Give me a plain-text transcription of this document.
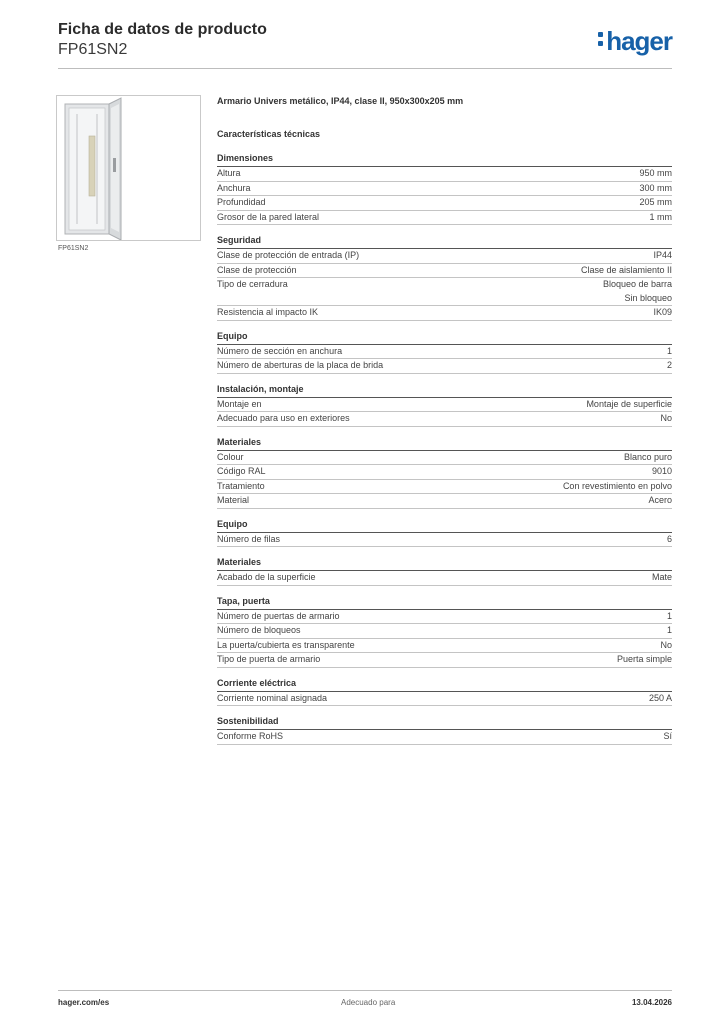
Ficha de datos de producto
FP61SN2	hager
FP61SN2
Armario Univers metálico, IP44, clase II, 950x300x205 mm
Características técnicas
Dimensiones
Altura	950 mm
Anchura	300 mm
Profundidad	205 mm
Grosor de la pared lateral	1 mm
Seguridad
Clase de protección de entrada (IP)	IP44
Clase de protección	Clase de aislamiento II
Tipo de cerradura	Bloqueo de barra
Sin bloqueo
Resistencia al impacto IK	IK09
Equipo
Número de sección en anchura	1
Número de aberturas de la placa de brida	2
Instalación, montaje
Montaje en	Montaje de superficie
Adecuado para uso en exteriores	No
Materiales
Colour	Blanco puro
Código RAL	9010
Tratamiento	Con revestimiento en polvo
Material	Acero
Equipo
Número de filas	6
Materiales
Acabado de la superficie	Mate
Tapa, puerta
Número de puertas de armario	1
Número de bloqueos	1
La puerta/cubierta es transparente	No
Tipo de puerta de armario	Puerta simple
Corriente eléctrica
Corriente nominal asignada	250 A
Sostenibilidad
Conforme RoHS	Sí
hager.com/es	Adecuado para	13.04.2026
